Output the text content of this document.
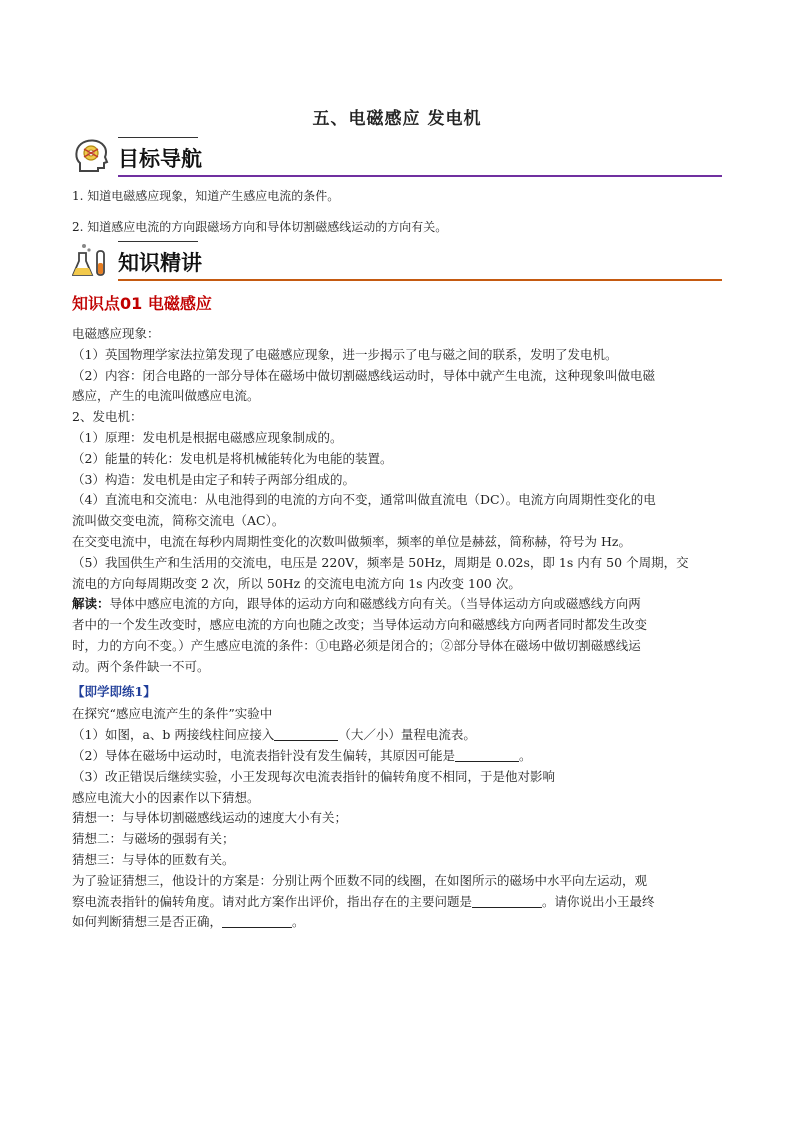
五、电磁感应 发电机
目标导航
1. 知道电磁感应现象，知道产生感应电流的条件。
2. 知道感应电流的方向跟磁场方向和导体切割磁感线运动的方向有关。
知识精讲
知识点01 电磁感应

电磁感应现象：

（1）英国物理学家法拉第发现了电磁感应现象，进一步揭示了电与磁之间的联系，发明了发电机。

（2）内容：闭合电路的一部分导体在磁场中做切割磁感线运动时，导体中就产生电流，这种现象叫做电磁

感应，产生的电流叫做感应电流。

2、发电机：

（1）原理：发电机是根据电磁感应现象制成的。

（2）能量的转化：发电机是将机械能转化为电能的装置。

（3）构造：发电机是由定子和转子两部分组成的。

（4）直流电和交流电：从电池得到的电流的方向不变，通常叫做直流电（DC）。电流方向周期性变化的电

流叫做交变电流，简称交流电（AC）。

在交变电流中，电流在每秒内周期性变化的次数叫做频率，频率的单位是赫兹，简称赫，符号为 Hz。

（5）我国供生产和生活用的交流电，电压是 220V，频率是 50Hz，周期是 0.02s，即 1s 内有 50 个周期，交

流电的方向每周期改变 2 次，所以 50Hz 的交流电电流方向 1s 内改变 100 次。

解读：导体中感应电流的方向，跟导体的运动方向和磁感线方向有关。（当导体运动方向或磁感线方向两

者中的一个发生改变时，感应电流的方向也随之改变；当导体运动方向和磁感线方向两者同时都发生改变

时，力的方向不变。）产生感应电流的条件：①电路必须是闭合的；②部分导体在磁场中做切割磁感线运

动。两个条件缺一不可。

【即学即练1】

在探究“感应电流产生的条件”实验中

（1）如图，a、b 两接线柱间应接入	（大／小）量程电流表。

（2）导体在磁场中运动时，电流表指针没有发生偏转，其原因可能是	。

（3）改正错误后继续实验，小王发现每次电流表指针的偏转角度不相同，于是他对影响

感应电流大小的因素作以下猜想。

猜想一：与导体切割磁感线运动的速度大小有关；

猜想二：与磁场的强弱有关；

猜想三：与导体的匝数有关。

为了验证猜想三，他设计的方案是：分别让两个匝数不同的线圈，在如图所示的磁场中水平向左运动，观

察电流表指针的偏转角度。请对此方案作出评价，指出存在的主要问题是	。请你说出小王最终

如何判断猜想三是否正确，	。
